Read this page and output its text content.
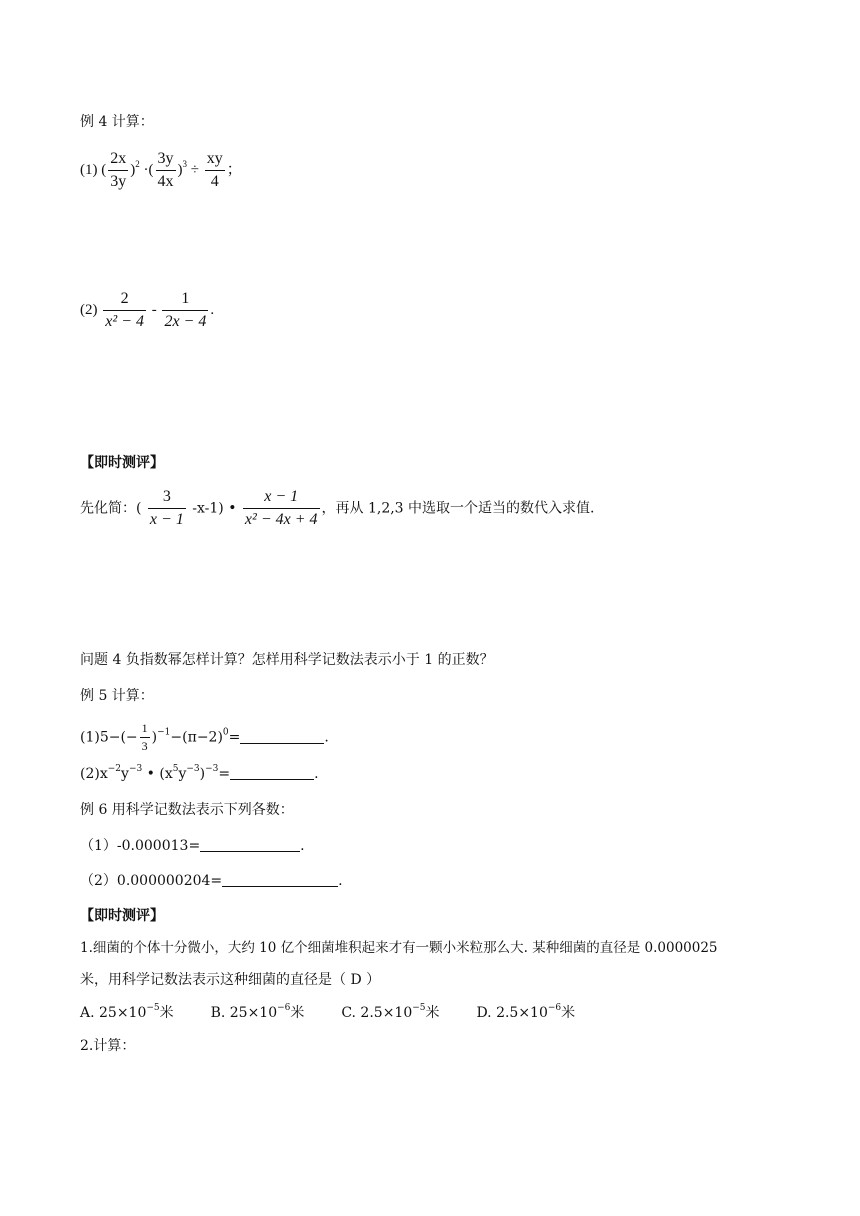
例 4 计算：
(1) ( $\frac{2x}{3y} )^2$ ·( $\frac{3y}{4x} )^3 \div \frac{xy}{4}$ ；
$(2) \frac{2}{\text{x² − 4}} - \frac{1}{2x - 4}$ .
【即时测评】
先化简：( $\frac{3}{x - 1} -x-1$) • $\frac{x - 1}{\text{x² − 4x + 4}}$ ，再从 1,2,3 中选取一个适当的数代入求值.
问题 4 负指数幂怎样计算？怎样用科学记数法表示小于 1 的正数？
例 5 计算：
$(1)5-(- \frac{1}{3} )^{-1}-(\pi-2)^0=$	.
$(2)x^{-2}y^{-3}$ • $(x^5y^{-3})^{-3}=$	.
例 6 用科学记数法表示下列各数：
（1）-0.000013=	.
（2）0.000000204=	.
【即时测评】
1.细菌的个体十分微小，大约 10 亿个细菌堆积起来才有一颗小米粒那么大. 某种细菌的直径是 0.0000025
米，用科学记数法表示这种细菌的直径是（ D ）
A. $25\times 10^{-5}$米	B. $25\times 10^{-6}$米	C. $2.5\times 10^{-5}$米	D. $2.5\times 10^{-6}$米
2.计算：
